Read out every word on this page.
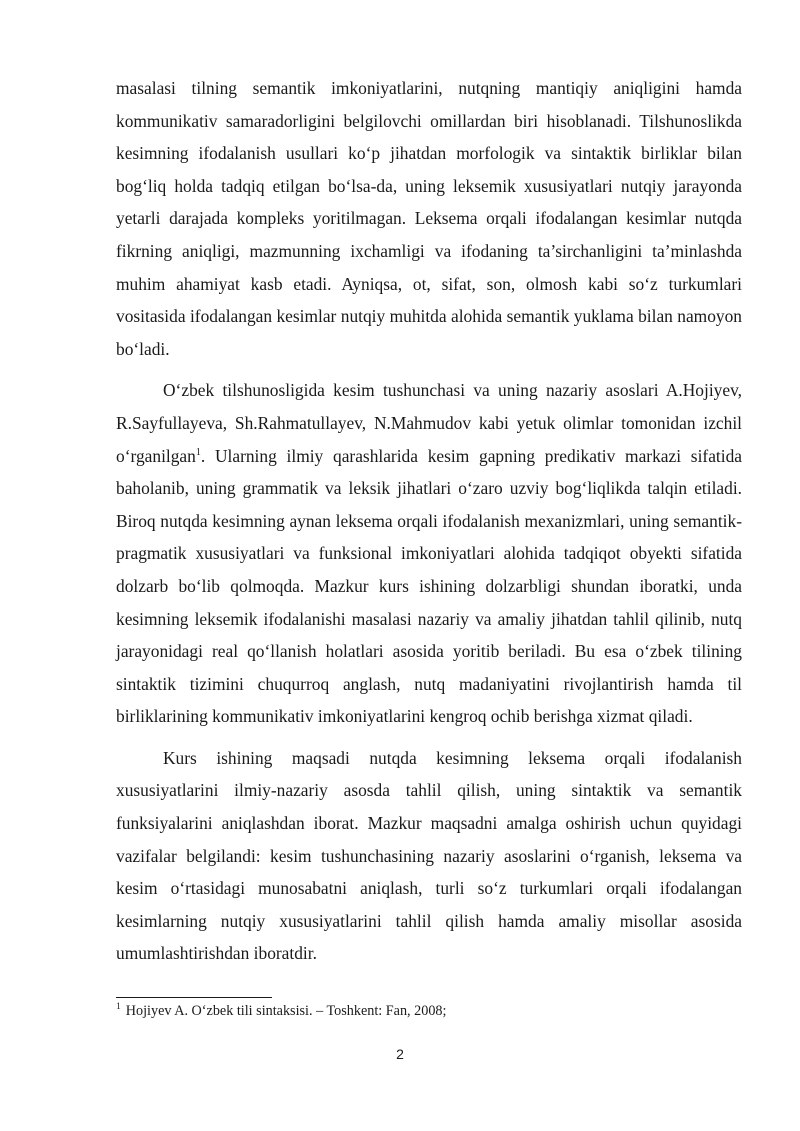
masalasi tilning semantik imkoniyatlarini, nutqning mantiqiy aniqligini hamda kommunikativ samaradorligini belgilovchi omillardan biri hisoblanadi. Tilshunoslikda kesimning ifodalanish usullari ko‘p jihatdan morfologik va sintaktik birliklar bilan bog‘liq holda tadqiq etilgan bo‘lsa-da, uning leksemik xususiyatlari nutqiy jarayonda yetarli darajada kompleks yoritilmagan. Leksema orqali ifodalangan kesimlar nutqda fikrning aniqligi, mazmunning ixchamligi va ifodaning ta’sirchanligini ta’minlashda muhim ahamiyat kasb etadi. Ayniqsa, ot, sifat, son, olmosh kabi so‘z turkumlari vositasida ifodalangan kesimlar nutqiy muhitda alohida semantik yuklama bilan namoyon bo‘ladi.

O‘zbek tilshunosligida kesim tushunchasi va uning nazariy asoslari A.Hojiyev, R.Sayfullayeva, Sh.Rahmatullayev, N.Mahmudov kabi yetuk olimlar tomonidan izchil o‘rganilgan$^1$. Ularning ilmiy qarashlarida kesim gapning predikativ markazi sifatida baholanib, uning grammatik va leksik jihatlari o‘zaro uzviy bog‘liqlikda talqin etiladi. Biroq nutqda kesimning aynan leksema orqali ifodalanish mexanizmlari, uning semantik-pragmatik xususiyatlari va funksional imkoniyatlari alohida tadqiqot obyekti sifatida dolzarb bo‘lib qolmoqda. Mazkur kurs ishining dolzarbligi shundan iboratki, unda kesimning leksemik ifodalanishi masalasi nazariy va amaliy jihatdan tahlil qilinib, nutq jarayonidagi real qo‘llanish holatlari asosida yoritib beriladi. Bu esa o‘zbek tilining sintaktik tizimini chuqurroq anglash, nutq madaniyatini rivojlantirish hamda til birliklarining kommunikativ imkoniyatlarini kengroq ochib berishga xizmat qiladi.

Kurs ishining maqsadi nutqda kesimning leksema orqali ifodalanish xususiyatlarini ilmiy-nazariy asosda tahlil qilish, uning sintaktik va semantik funksiyalarini aniqlashdan iborat. Mazkur maqsadni amalga oshirish uchun quyidagi vazifalar belgilandi: kesim tushunchasining nazariy asoslarini o‘rganish, leksema va kesim o‘rtasidagi munosabatni aniqlash, turli so‘z turkumlari orqali ifodalangan kesimlarning nutqiy xususiyatlarini tahlil qilish hamda amaliy misollar asosida umumlashtirishdan iboratdir.

$^1$ Hojiyev A. O‘zbek tili sintaksisi. – Toshkent: Fan, 2008;
2
